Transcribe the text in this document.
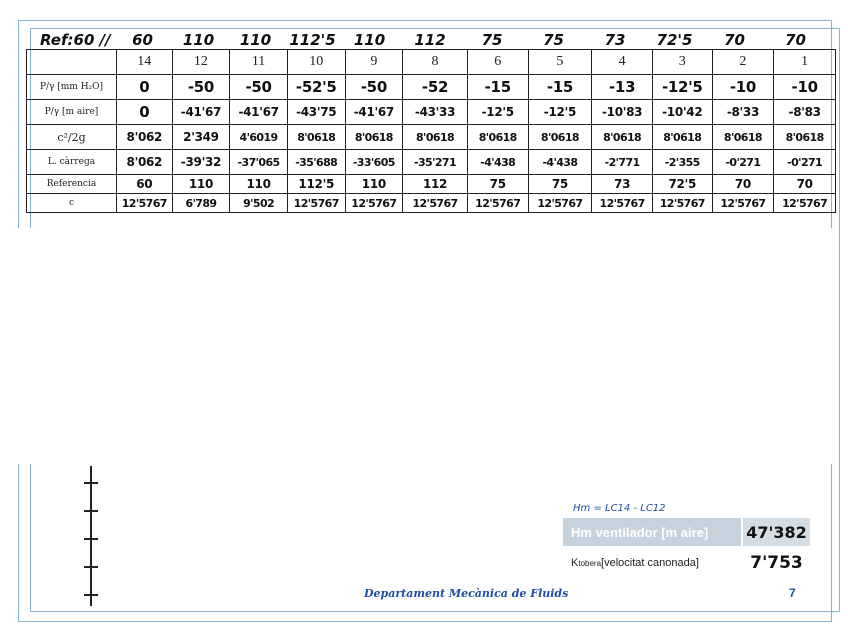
Ref:60 //	60	110	110	112'5	110	112	75	75	73	72'5	70	70
	14	12	11	10	9	8	6	5	4	3	2	1
P/γ [mm H₂O]	0	-50	-50	-52'5	-50	-52	-15	-15	-13	-12'5	-10	-10
P/γ [m aire]	0	-41'67	-41'67	-43'75	-41'67	-43'33	-12'5	-12'5	-10'83	-10'42	-8'33	-8'83
c²/2g	8'062	2'349	4'6019	8'0618	8'0618	8'0618	8'0618	8'0618	8'0618	8'0618	8'0618	8'0618
L. càrrega	8'062	-39'32	-37'065	-35'688	-33'605	-35'271	-4'438	-4'438	-2'771	-2'355	-0'271	-0'271
Referencia	60	110	110	112'5	110	112	75	75	73	72'5	70	70
c	12'5767	6'789	9'502	12'5767	12'5767	12'5767	12'5767	12'5767	12'5767	12'5767	12'5767	12'5767
Hm = LC14 - LC12
Hm ventilador [m aire]	47'382
K tobera [velocitat canonada]	7'753
Departament Mecànica de Fluids	7
